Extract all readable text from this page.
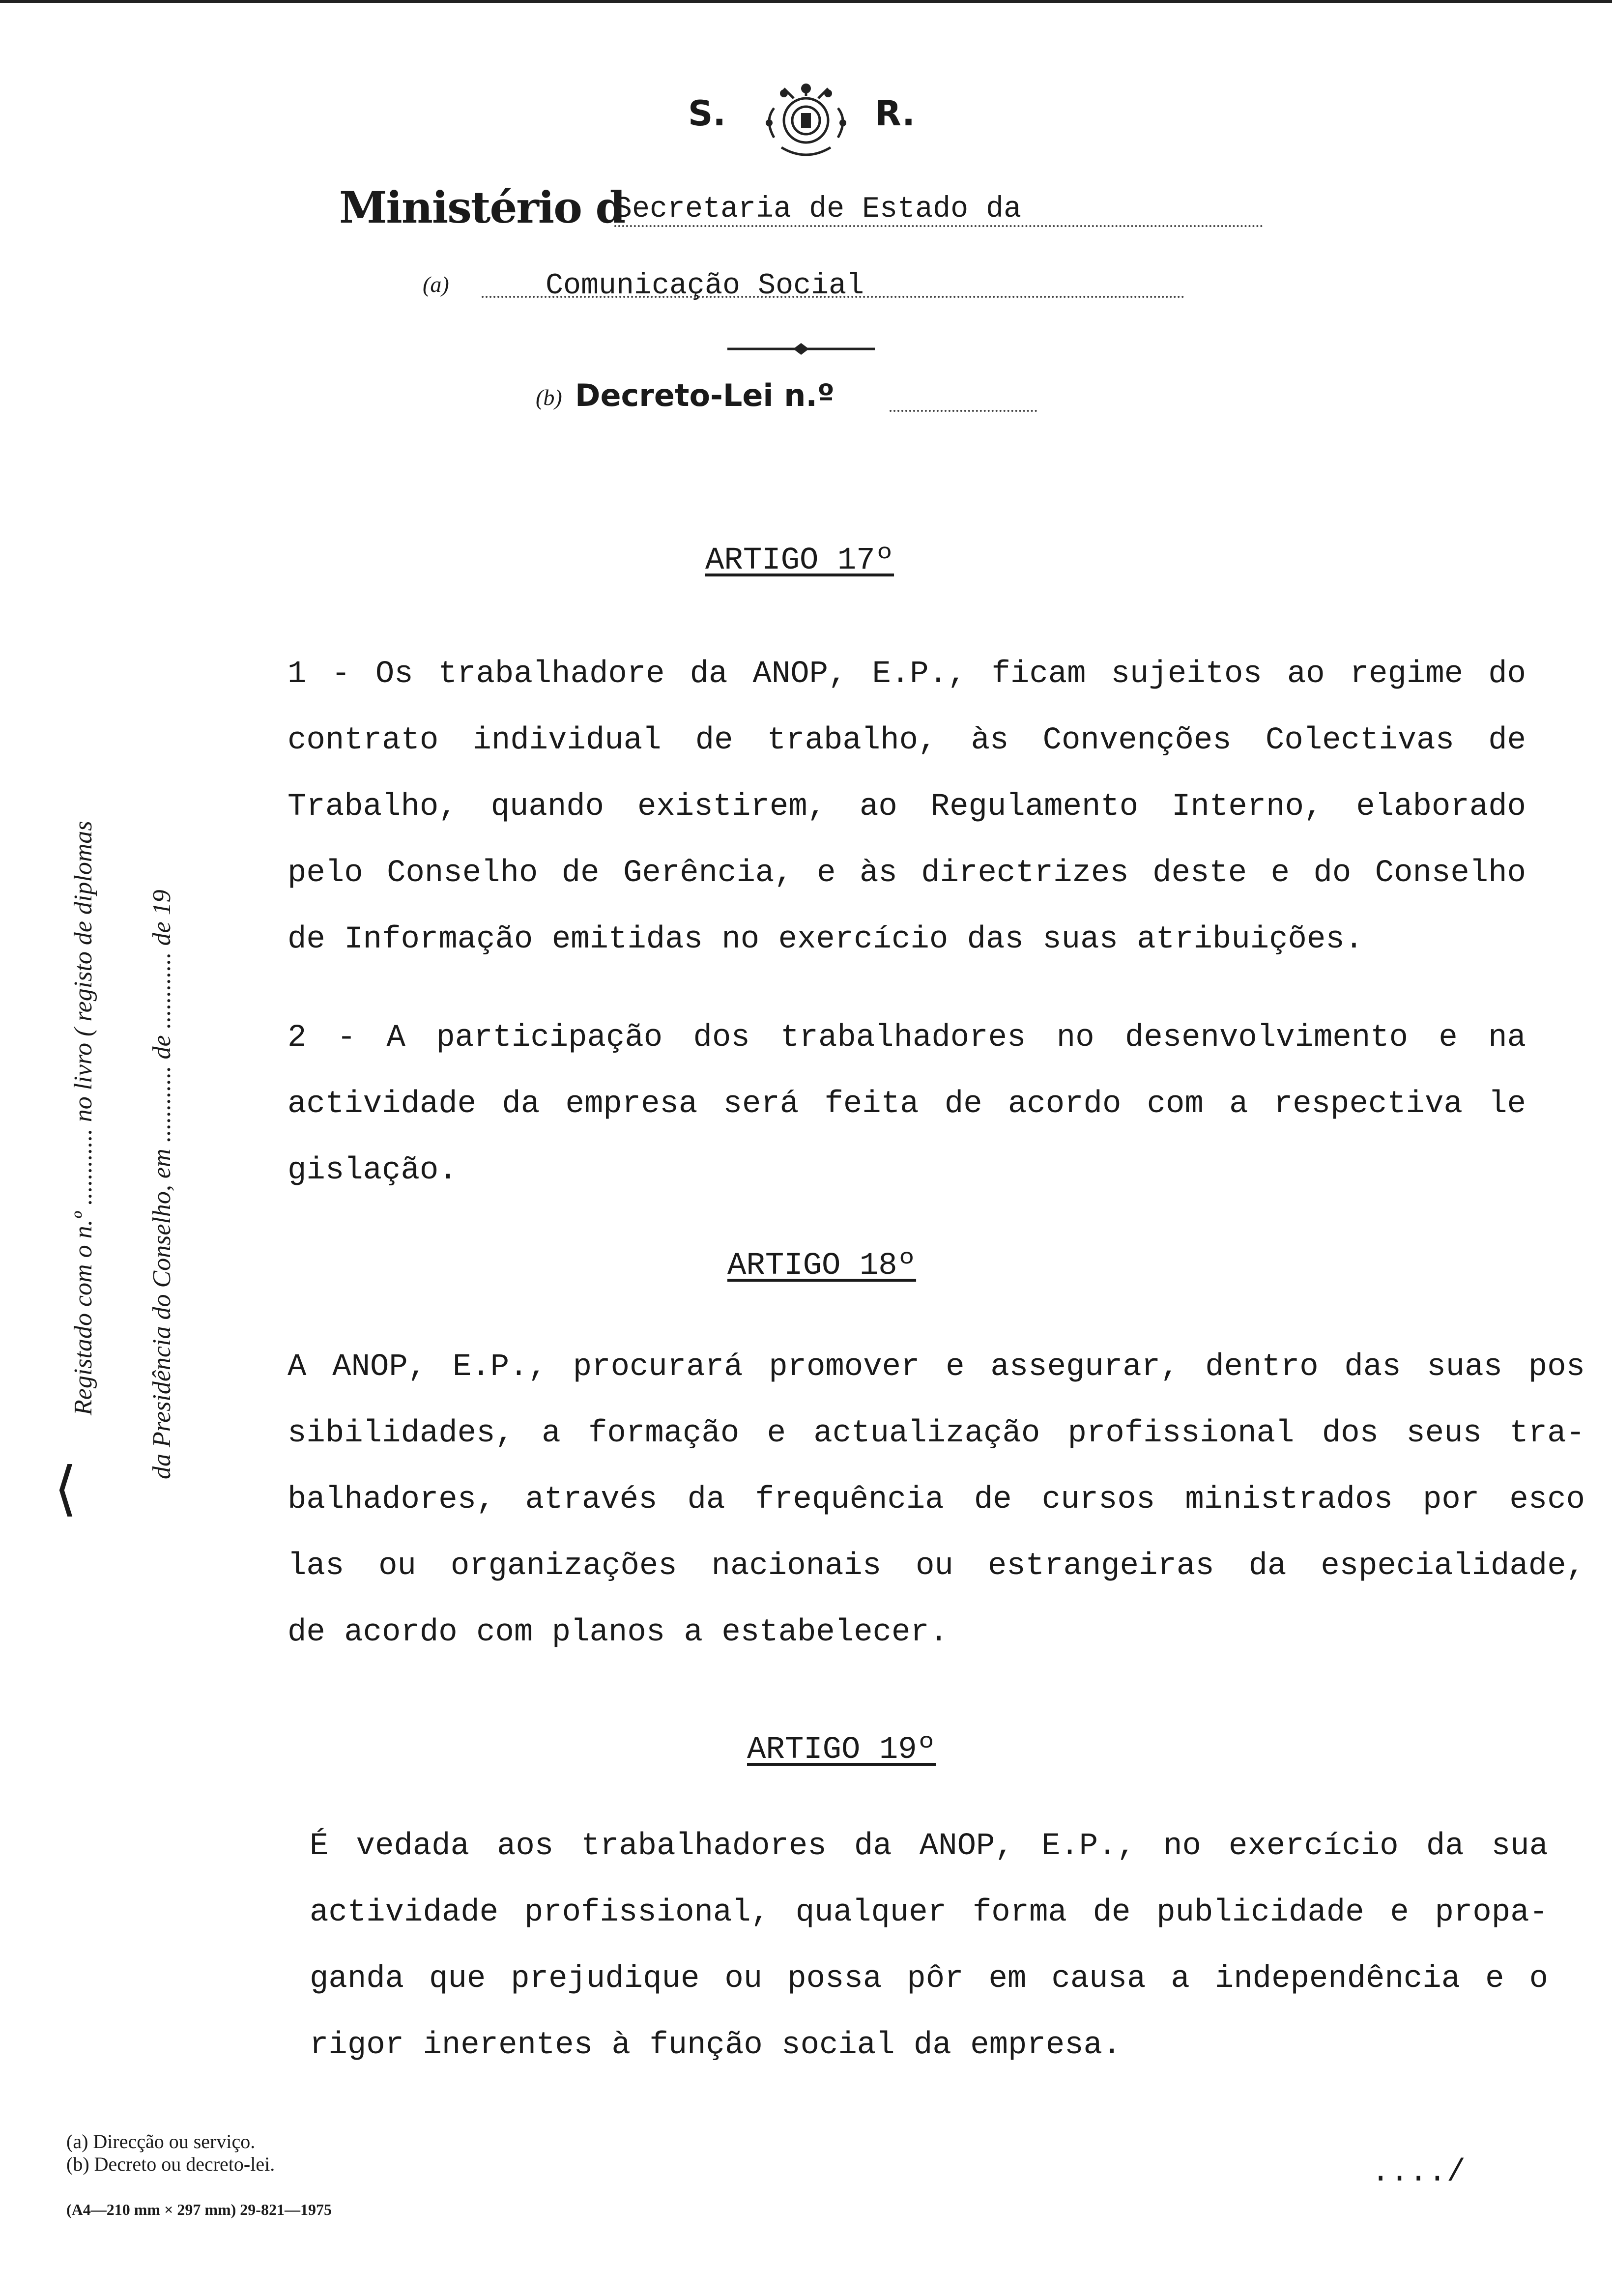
S.	R.
Ministério d
Secretaria de Estado da
(a)	Comunicação Social
(b) Decreto-Lei n.º
⟨
Registado com o n.º ............ no livro ( registo de diplomas da Presidência do Conselho, em ............ de ............ de 19
ARTIGO 17º
1 - Os trabalhadore da ANOP, E.P., ficam sujeitos ao regime do
contrato individual de trabalho, às Convenções Colectivas de
Trabalho, quando existirem, ao Regulamento Interno, elaborado
pelo Conselho de Gerência, e às directrizes deste e do Conselho
de Informação emitidas no exercício das suas atribuições.
2 - A participação dos trabalhadores no desenvolvimento e na
actividade da empresa será feita de acordo com a respectiva le
gislação.
ARTIGO 18º
A ANOP, E.P., procurará promover e assegurar, dentro das suas pos
sibilidades, a formação e actualização profissional dos seus tra-
balhadores, através da frequência de cursos ministrados por esco
las ou organizações nacionais ou estrangeiras da especialidade,
de acordo com planos a estabelecer.
ARTIGO 19º
É vedada aos trabalhadores da ANOP, E.P., no exercício da sua
actividade profissional, qualquer forma de publicidade e propa-
ganda que prejudique ou possa pôr em causa a independência e o
rigor inerentes à função social da empresa.
(a) Direcção ou serviço.
(b) Decreto ou decreto-lei.
(A4—210 mm × 297 mm) 29-821—1975
..../
